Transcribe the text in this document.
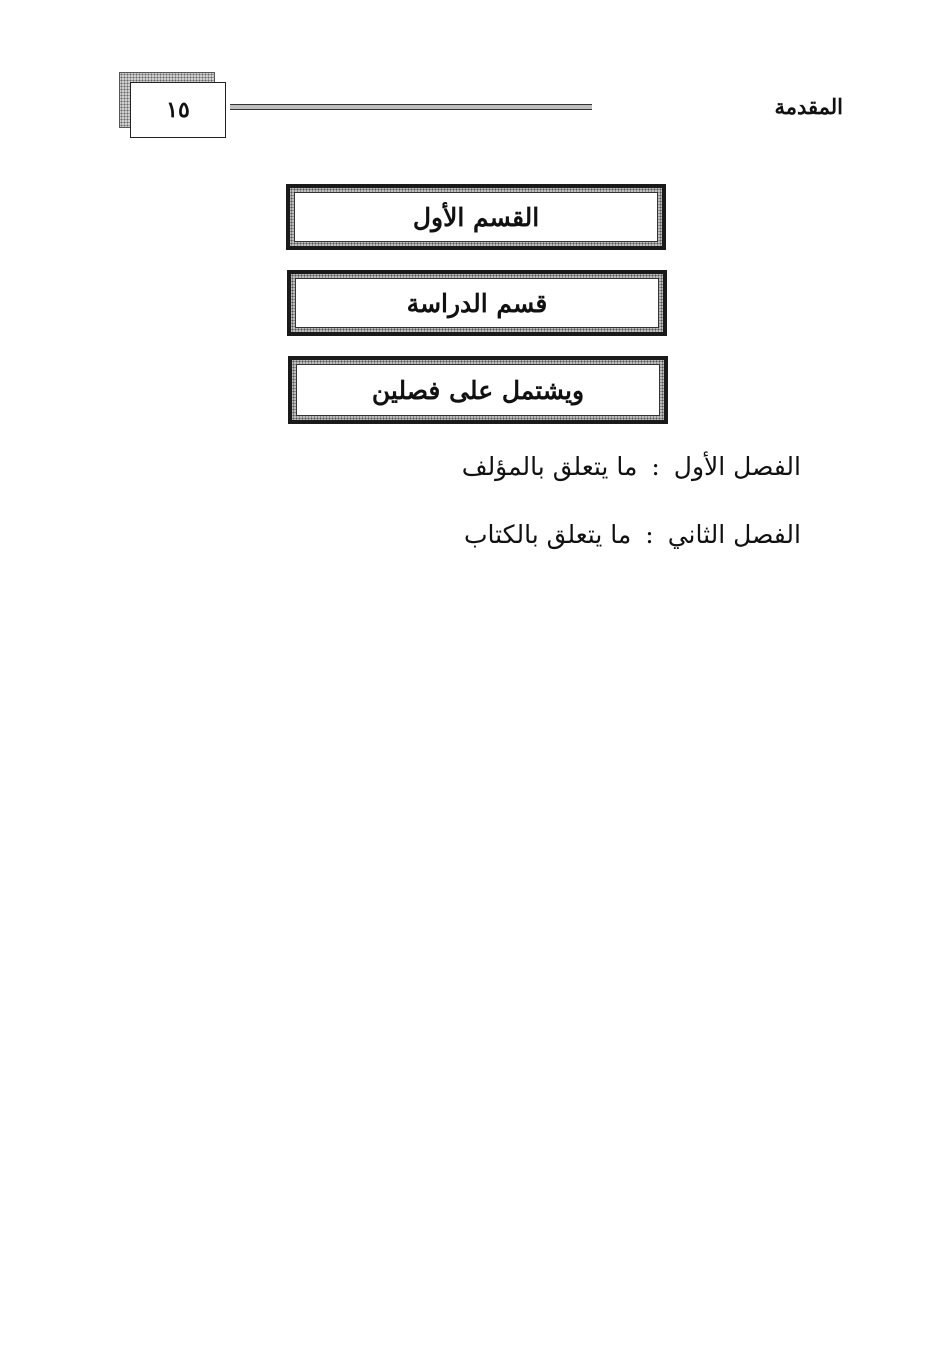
١٥	المقدمة
القسم الأول
قسم الدراسة
ويشتمل على فصلين
الفصل الأول:ما يتعلق بالمؤلف
الفصل الثاني:ما يتعلق بالكتاب
